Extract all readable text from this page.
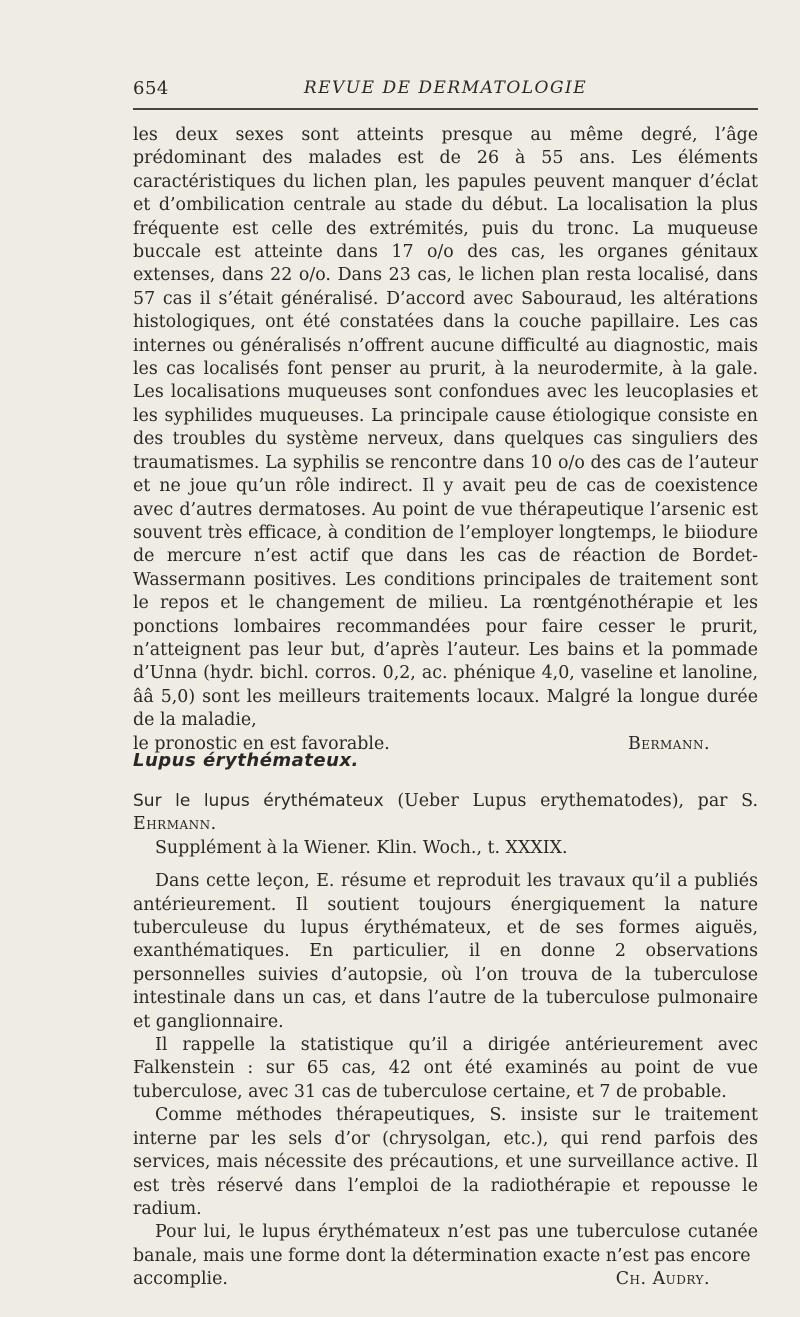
654	REVUE DE DERMATOLOGIE

les deux sexes sont atteints presque au même degré, l’âge prédominant des malades est de 26 à 55 ans. Les éléments caractéristiques du lichen plan, les papules peuvent manquer d’éclat et d’ombilication centrale au stade du début. La localisation la plus fréquente est celle des extrémités, puis du tronc. La muqueuse buccale est atteinte dans 17 o/o des cas, les organes génitaux extenses, dans 22 o/o. Dans 23 cas, le lichen plan resta localisé, dans 57 cas il s’était généralisé. D’accord avec Sabouraud, les altérations histologiques, ont été constatées dans la couche papillaire. Les cas internes ou généralisés n’offrent aucune difficulté au diagnostic, mais les cas localisés font penser au prurit, à la neurodermite, à la gale. Les localisations muqueuses sont confondues avec les leucoplasies et les syphilides muqueuses. La principale cause étiologique consiste en des troubles du système nerveux, dans quelques cas singuliers des traumatismes. La syphilis se rencontre dans 10 o/o des cas de l’auteur et ne joue qu’un rôle indirect. Il y avait peu de cas de coexistence avec d’autres dermatoses. Au point de vue thérapeutique l’arsenic est souvent très efficace, à condition de l’employer longtemps, le biiodure de mercure n’est actif que dans les cas de réaction de Bordet-Wassermann positives. Les conditions principales de traitement sont le repos et le changement de milieu. La rœntgénothérapie et les ponctions lombaires recommandées pour faire cesser le prurit, n’atteignent pas leur but, d’après l’auteur. Les bains et la pommade d’Unna (hydr. bichl. corros. 0,2, ac. phénique 4,0, vaseline et lanoline, ââ 5,0) sont les meilleurs traitements locaux. Malgré la longue durée de la maladie,

le pronostic en est favorable.	Bermann.
Lupus érythémateux.

Sur le lupus érythémateux (Ueber Lupus erythematodes), par S. Ehrmann.

Supplément à la Wiener. Klin. Woch., t. XXXIX.

Dans cette leçon, E. résume et reproduit les travaux qu’il a publiés antérieurement. Il soutient toujours énergiquement la nature tuberculeuse du lupus érythémateux, et de ses formes aiguës, exanthématiques. En particulier, il en donne 2 observations personnelles suivies d’autopsie, où l’on trouva de la tuberculose intestinale dans un cas, et dans l’autre de la tuberculose pulmonaire et ganglionnaire.

Il rappelle la statistique qu’il a dirigée antérieurement avec Falkenstein : sur 65 cas, 42 ont été examinés au point de vue tuberculose, avec 31 cas de tuberculose certaine, et 7 de probable.

Comme méthodes thérapeutiques, S. insiste sur le traitement interne par les sels d’or (chrysolgan, etc.), qui rend parfois des services, mais nécessite des précautions, et une surveillance active. Il est très réservé dans l’emploi de la radiothérapie et repousse le radium.

Pour lui, le lupus érythémateux n’est pas une tuberculose cutanée banale, mais une forme dont la détermination exacte n’est pas encore

accomplie.	Ch. Audry.
